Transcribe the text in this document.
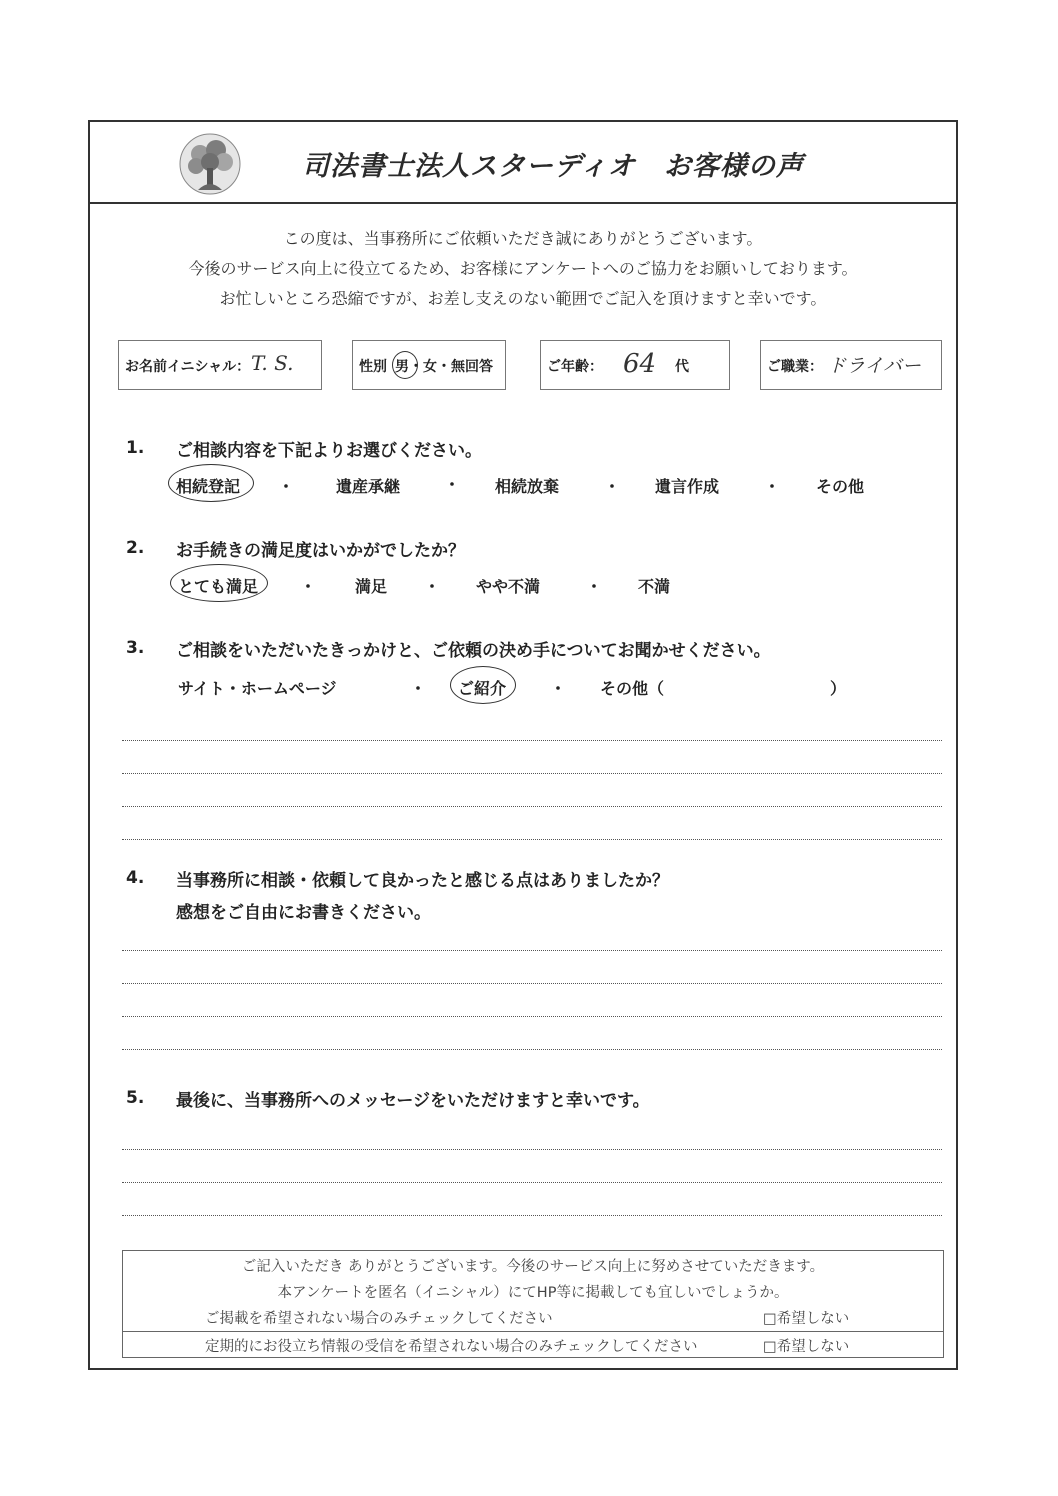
司法書士法人スターディオ　お客様の声
この度は、当事務所にご依頼いただき誠にありがとうございます。
今後のサービス向上に役立てるため、お客様にアンケートへのご協力をお願いしております。
お忙しいところ恐縮ですが、お差し支えのない範囲でご記入を頂けますと幸いです。
お名前イニシャル： T. S.	性別 男・女・無回答	ご年齢： 64 代	ご職業： ドライバー
1. ご相談内容を下記よりお選びください。
相続登記 ・	遺産承継	・ 相続放棄	・ 遺言作成	・ その他
2. お手続きの満足度はいかがでしたか？
とても満足	・ 満足 ・ やや不満	・ 不満
3. ご相談をいただいたきっかけと、ご依頼の決め手についてお聞かせください。
サイト・ホームページ	・ ご紹介	・ その他（	）
4. 当事務所に相談・依頼して良かったと感じる点はありましたか？
感想をご自由にお書きください。
5. 最後に、当事務所へのメッセージをいただけますと幸いです。
ご記入いただき ありがとうございます。今後のサービス向上に努めさせていただきます。
本アンケートを匿名（イニシャル）にてHP等に掲載しても宜しいでしょうか。
ご掲載を希望されない場合のみチェックしてください	□希望しない
定期的にお役立ち情報の受信を希望されない場合のみチェックしてください	□希望しない
